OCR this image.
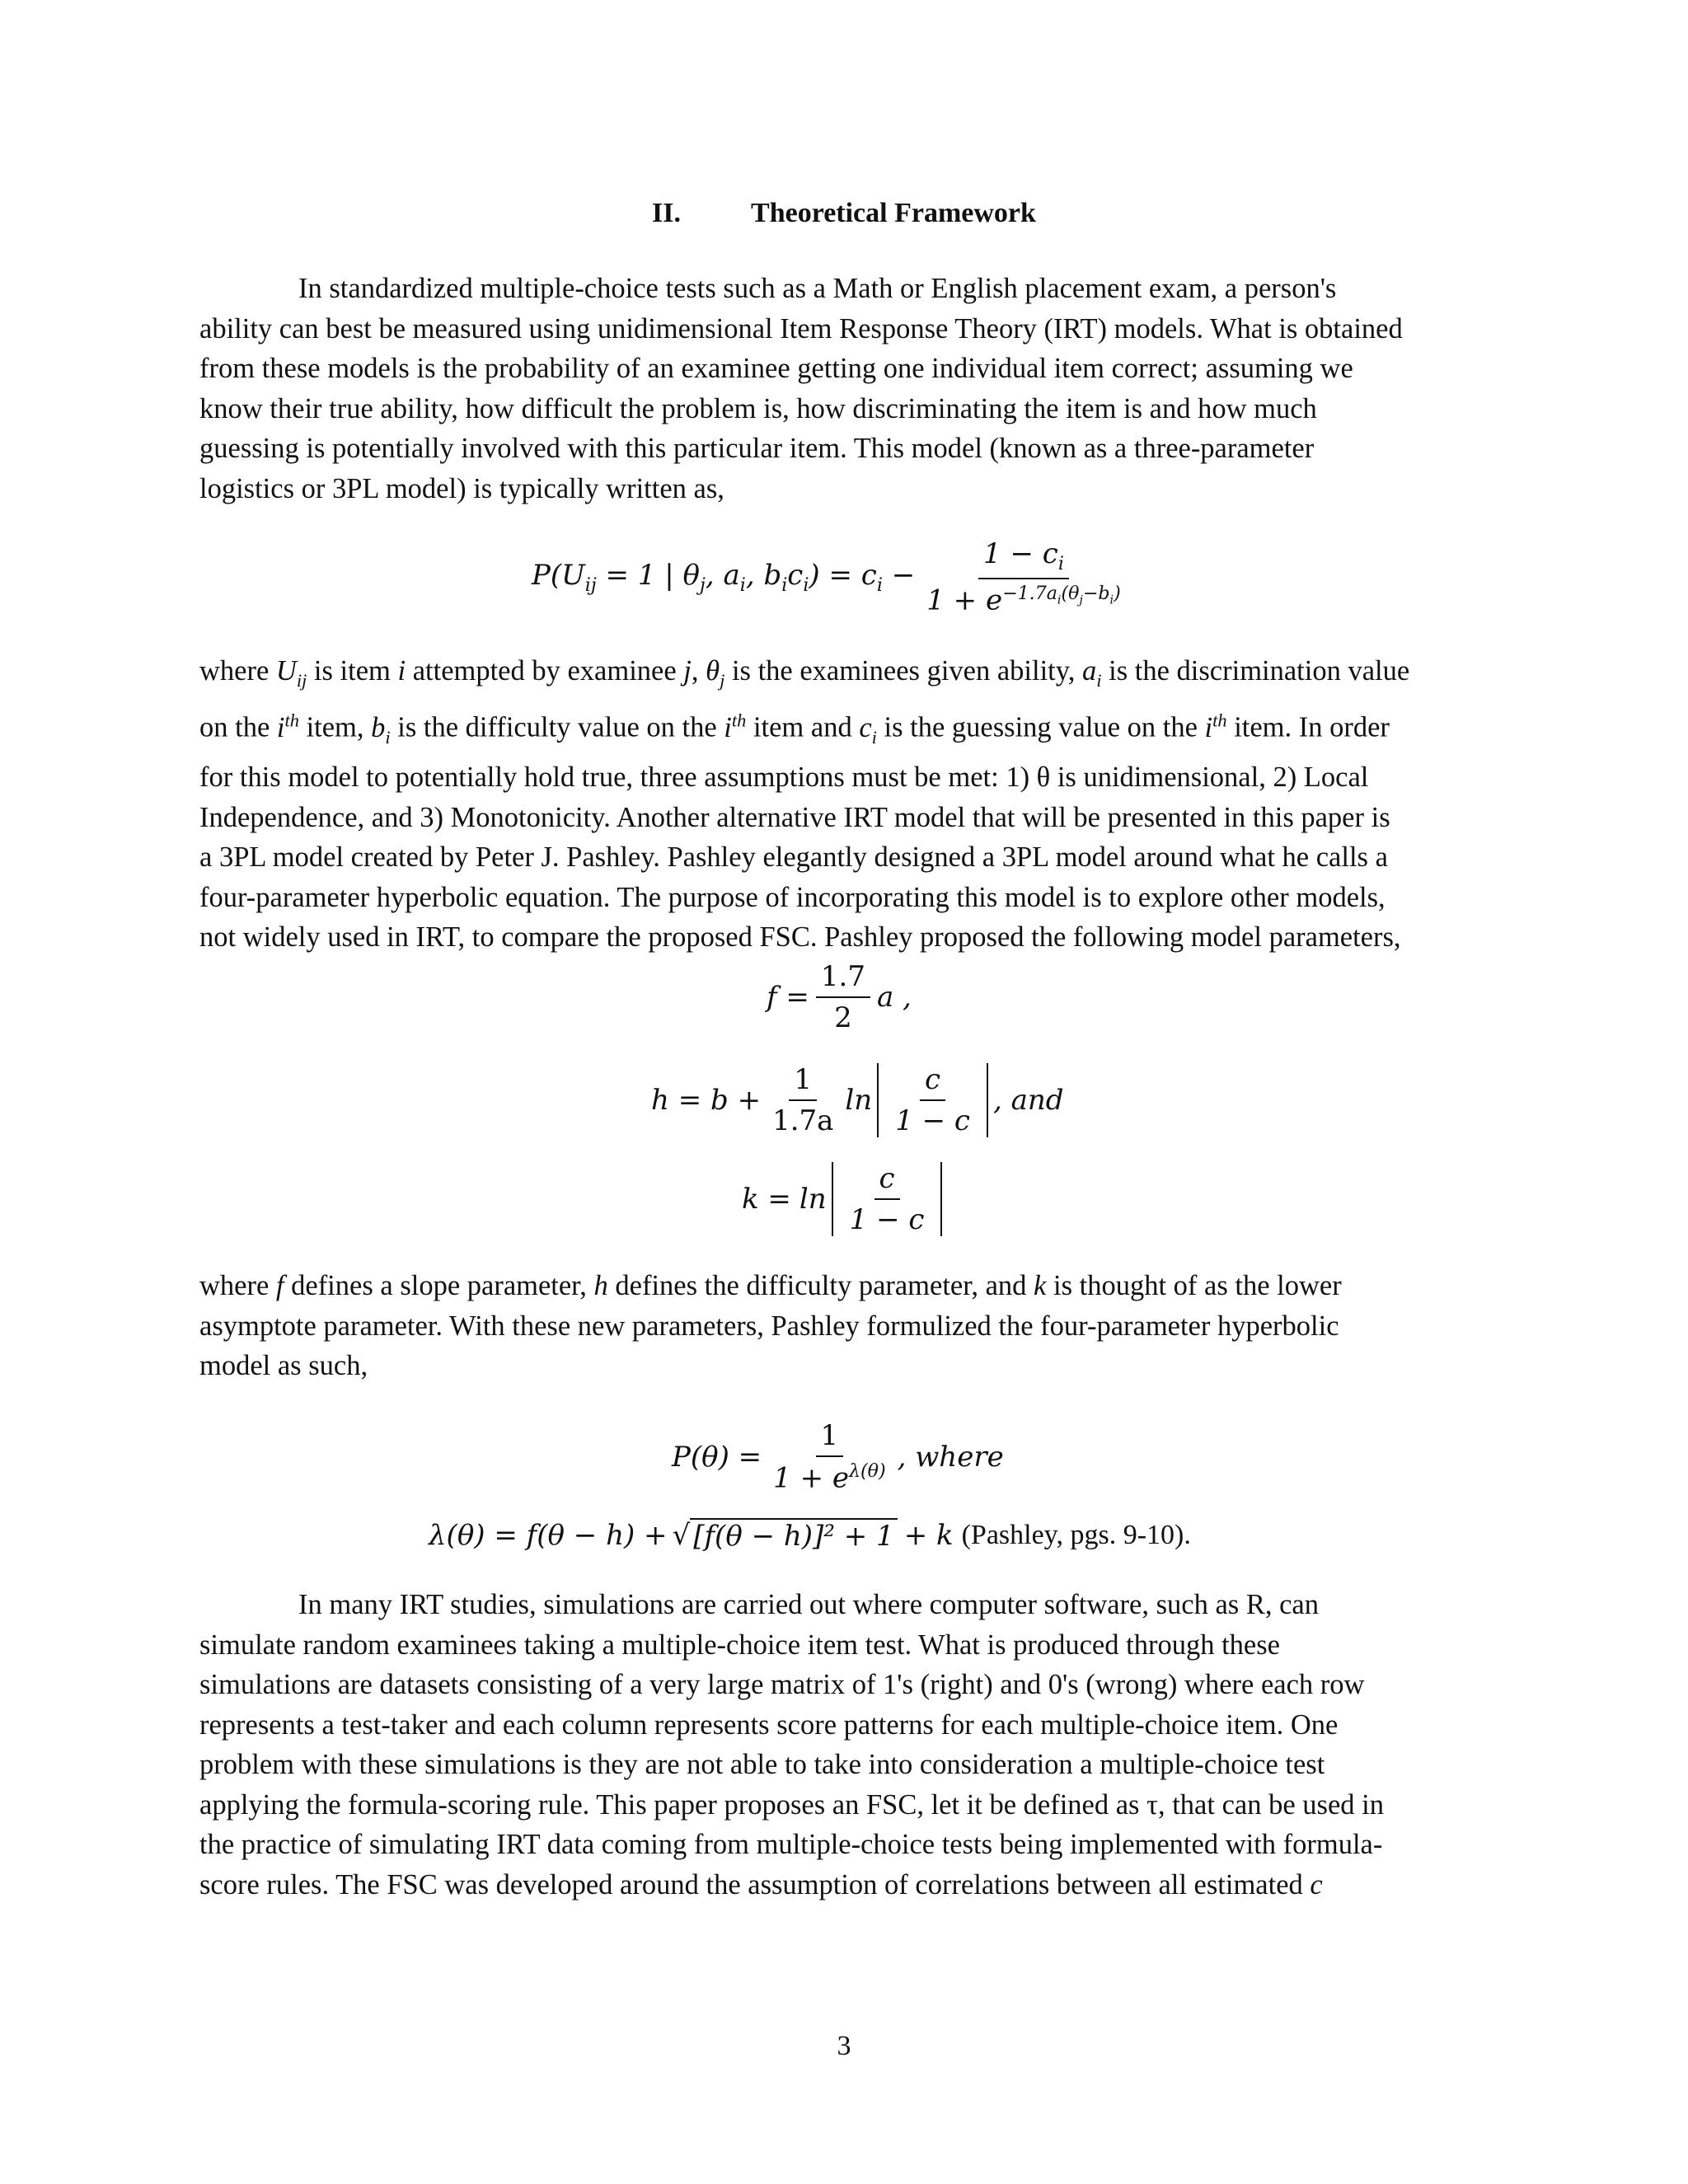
II.	Theoretical Framework
In standardized multiple-choice tests such as a Math or English placement exam, a person's
ability can best be measured using unidimensional Item Response Theory (IRT) models. What is obtained
from these models is the probability of an examinee getting one individual item correct; assuming we
know their true ability, how difficult the problem is, how discriminating the item is and how much
guessing is potentially involved with this particular item. This model (known as a three-parameter
logistics or 3PL model) is typically written as,
$P(U_{ij} = 1$ | $\theta_j$, $a_i$, $b_ic_i) = c_i - \frac{1 - c_i}{1 + e^{-1.7a_i(\theta_j-b_i)}}$
where $U_{ij}$ is item i attempted by examinee j, $\theta_j$ is the examinees given ability, $a_i$ is the discrimination value
on the $i^{th}$ item, $b_i$ is the difficulty value on the $i^{th}$ item and $c_i$ is the guessing value on the $i^{th}$ item. In order
for this model to potentially hold true, three assumptions must be met: 1) θ is unidimensional, 2) Local
Independence, and 3) Monotonicity. Another alternative IRT model that will be presented in this paper is
a 3PL model created by Peter J. Pashley. Pashley elegantly designed a 3PL model around what he calls a
four-parameter hyperbolic equation. The purpose of incorporating this model is to explore other models,
not widely used in IRT, to compare the proposed FSC. Pashley proposed the following model parameters,
$f = \frac{1.7}{2}$ a ,
$h = b + \frac{1}{1.7a}$ $\ln \frac{c}{1 - c}$ , and
$k = \ln \frac{c}{1 - c}$
where f defines a slope parameter, h defines the difficulty parameter, and k is thought of as the lower
asymptote parameter. With these new parameters, Pashley formulized the four-parameter hyperbolic
model as such,
$P(\theta) = \frac{1}{1 + e^{\lambda(\theta)}}$ , where
λ(θ) = f(θ − h) + √ [f(θ − h)]² + 1 + k (Pashley, pgs. 9-10).
In many IRT studies, simulations are carried out where computer software, such as R, can
simulate random examinees taking a multiple-choice item test. What is produced through these
simulations are datasets consisting of a very large matrix of 1's (right) and 0's (wrong) where each row
represents a test-taker and each column represents score patterns for each multiple-choice item. One
problem with these simulations is they are not able to take into consideration a multiple-choice test
applying the formula-scoring rule. This paper proposes an FSC, let it be defined as τ, that can be used in
the practice of simulating IRT data coming from multiple-choice tests being implemented with formula-
score rules. The FSC was developed around the assumption of correlations between all estimated c
3
